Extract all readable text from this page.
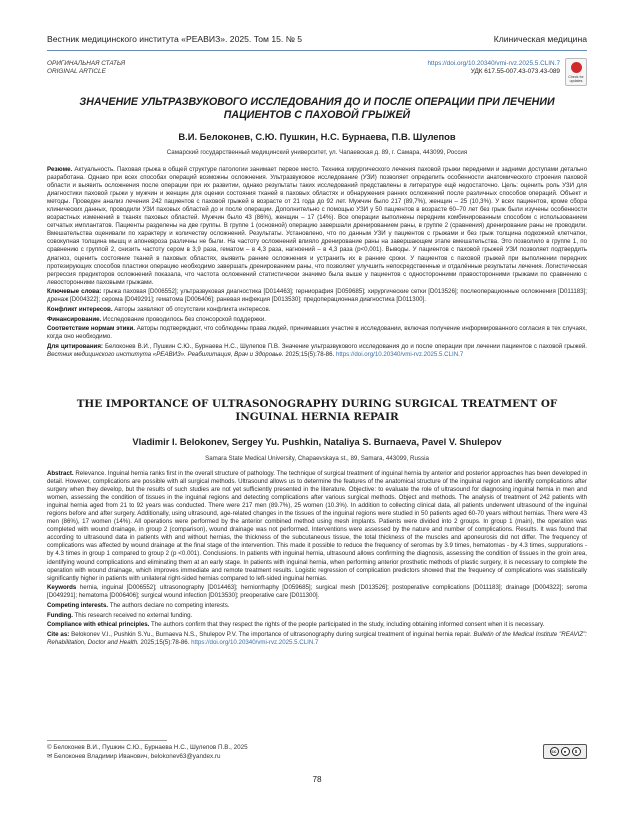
Вестник медицинского института «РЕАВИЗ». 2025. Том 15. № 5	Клиническая медицина
ОРИГИНАЛЬНАЯ СТАТЬЯ
ORIGINAL ARTICLE
https://doi.org/10.20340/vmi-rvz.2025.5.CLIN.7
УДК 617.55-007.43-073.43-089
Check for updates
ЗНАЧЕНИЕ УЛЬТРАЗВУКОВОГО ИССЛЕДОВАНИЯ ДО И ПОСЛЕ ОПЕРАЦИИ ПРИ ЛЕЧЕНИИ ПАЦИЕНТОВ С ПАХОВОЙ ГРЫЖЕЙ
В.И. Белоконев, С.Ю. Пушкин, Н.С. Бурнаева, П.В. Шулепов
Самарский государственный медицинский университет, ул. Чапаевская д. 89, г. Самара, 443099, Россия
Резюме. Актуальность. Паховая грыжа в общей структуре патологии занимает первое место. Техника хирургического лечения паховой грыжи передними и задними доступами детально разработана. Однако при всех способах операций возможны осложнения. Ультразвуковое исследование (УЗИ) позволяет определить особенности анатомического строения паховой области и выявить осложнения после операции при их развитии, однако результаты таких исследований представлены в литературе ещё недостаточно. Цель: оценить роль УЗИ для диагностики паховой грыжи у мужчин и женщин для оценки состояния тканей в паховых областях и обнаружения ранних осложнений после различных способов операций. Объект и методы. Проведен анализ лечения 242 пациентов с паховой грыжей в возрасте от 21 года до 92 лет. Мужчин было 217 (89,7%), женщин – 25 (10,3%). У всех пациентов, кроме сбора клинических данных, проводили УЗИ паховых областей до и после операции. Дополнительно с помощью УЗИ у 50 пациентов в возрасте 60–70 лет без грыж были изучены особенности возрастных изменений в тканях паховых областей. Мужчин было 43 (86%), женщин – 17 (14%). Все операции выполнены передним комбинированным способом с использованием сетчатых имплантатов. Пациенты разделены на две группы. В группе 1 (основной) операцию завершали дренированием раны, в группе 2 (сравнения) дренирование раны не проводили. Вмешательства оценивали по характеру и количеству осложнений. Результаты. Установлено, что по данным УЗИ у пациентов с грыжами и без грыж толщина подкожной клетчатки, совокупная толщина мышц и апоневроза различны не были. На частоту осложнений влияло дренирование раны на завершающем этапе вмешательства. Это позволило в группе 1, по сравнению с группой 2, снизить частоту сером в 3,9 раза, гематом – в 4,3 раза, нагноений – в 4,3 раза (p<0,001). Выводы. У пациентов с паховой грыжей УЗИ позволяет подтвердить диагноз, оценить состояние тканей в паховых областях, выявить ранние осложнения и устранить их в ранние сроки. У пациентов с паховой грыжей при выполнении передних протезирующих способов пластики операцию необходимо завершать дренированием раны, что позволяет улучшить непосредственные и отдалённые результаты лечения. Логистическая регрессия предикторов осложнений показала, что частота осложнений статистически значимо была выше у пациентов с односторонними правосторонними грыжами по сравнению с левосторонними паховыми грыжами.
Ключевые слова: грыжа паховая [D006552]; ультразвуковая диагностика [D014463]; герниорафия [D059685]; хирургические сетки [D013526]; послеоперационные осложнения [D011183]; дренаж [D004322]; серома [D049291]; гематома [D006406]; раневая инфекция [D013530]; предоперационная диагностика [D011300].
Конфликт интересов. Авторы заявляют об отсутствии конфликта интересов.
Финансирование. Исследование проводилось без спонсорской поддержки.
Соответствие нормам этики. Авторы подтверждают, что соблюдены права людей, принимавших участие в исследовании, включая получение информированного согласия в тех случаях, когда оно необходимо.
Для цитирования: Белоконев В.И., Пушкин С.Ю., Бурнаева Н.С., Шулепов П.В. Значение ультразвукового исследования до и после операции при лечении пациентов с паховой грыжей. Вестник медицинского института «РЕАВИЗ». Реабилитация, Врач и Здоровье. 2025;15(5):78-86. https://doi.org/10.20340/vmi-rvz.2025.5.CLIN.7
THE IMPORTANCE OF ULTRASONOGRAPHY DURING SURGICAL TREATMENT OF INGUINAL HERNIA REPAIR
Vladimir I. Belokonev, Sergey Yu. Pushkin, Nataliya S. Burnaeva, Pavel V. Shulepov
Samara State Medical University, Chapaevskaya st., 89, Samara, 443099, Russia
Abstract. Relevance. Inguinal hernia ranks first in the overall structure of pathology. The technique of surgical treatment of inguinal hernia by anterior and posterior approaches has been developed in detail. However, complications are possible with all surgical methods. Ultrasound allows us to determine the features of the anatomical structure of the inguinal region and identify complications after surgery when they develop, but the results of such studies are not yet sufficiently presented in the literature. Objective: to evaluate the role of ultrasound for diagnosing inguinal hernia in men and women, assessing the condition of tissues in the inguinal regions and detecting complications after various surgical methods. Object and methods. The analysis of treatment of 242 patients with inguinal hernia aged from 21 to 92 years was conducted. There were 217 men (89.7%), 25 women (10.3%). In addition to collecting clinical data, all patients underwent ultrasound of the inguinal regions before and after surgery. Additionally, using ultrasound, age-related changes in the tissues of the inguinal regions were studied in 50 patients aged 60-70 years without hernias. There were 43 men (86%), 17 women (14%). All operations were performed by the anterior combined method using mesh implants. Patients were divided into 2 groups. In group 1 (main), the operation was completed with wound drainage, in group 2 (comparison), wound drainage was not performed. Interventions were assessed by the nature and number of complications. Results. It was found that according to ultrasound data in patients with and without hernias, the thickness of the subcutaneous tissue, the total thickness of the muscles and aponeurosis did not differ. The frequency of complications was affected by wound drainage at the final stage of the intervention. This made it possible to reduce the frequency of seromas by 3.9 times, hematomas - by 4.3 times, suppurations - by 4.3 times in group 1 compared to group 2 (p <0.001). Conclusions. In patients with inguinal hernia, ultrasound allows confirming the diagnosis, assessing the condition of tissues in the groin area, identifying wound complications and eliminating them at an early stage. In patients with inguinal hernia, when performing anterior prosthetic methods of plastic surgery, it is necessary to complete the operation with wound drainage, which improves immediate and remote treatment results. Logistic regression of complication predictors showed that the frequency of complications was statistically significantly higher in patients with unilateral right-sided hernias compared to left-sided inguinal hernias.
Keywords hernia, inguinal [D006552]; ultrasonography [D014463]; herniorrhaphy [D059685]; surgical mesh [D013526]; postoperative complications [D011183]; drainage [D004322]; seroma [D049291]; hematoma [D006406]; surgical wound infection [D013530]; preoperative care [D011300].
Competing interests. The authors declare no competing interests.
Funding. This research received no external funding.
Compliance with ethical principles. The authors confirm that they respect the rights of the people participated in the study, including obtaining informed consent when it is necessary.
Cite as: Belokonev V.I., Pushkin S.Yu., Burnaeva N.S., Shulepov P.V. The importance of ultrasonography during surgical treatment of inguinal hernia repair. Bulletin of the Medical Institute "REAVIZ": Rehabilitation, Doctor and Health. 2025;15(5):78-86. https://doi.org/10.20340/vmi-rvz.2025.5.CLIN.7
© Белоконев В.И., Пушкин С.Ю., Бурнаева Н.С., Шулепов П.В., 2025
✉ Белоконев Владимир Иванович, belokonev63@yandex.ru
cc	●	$
78
